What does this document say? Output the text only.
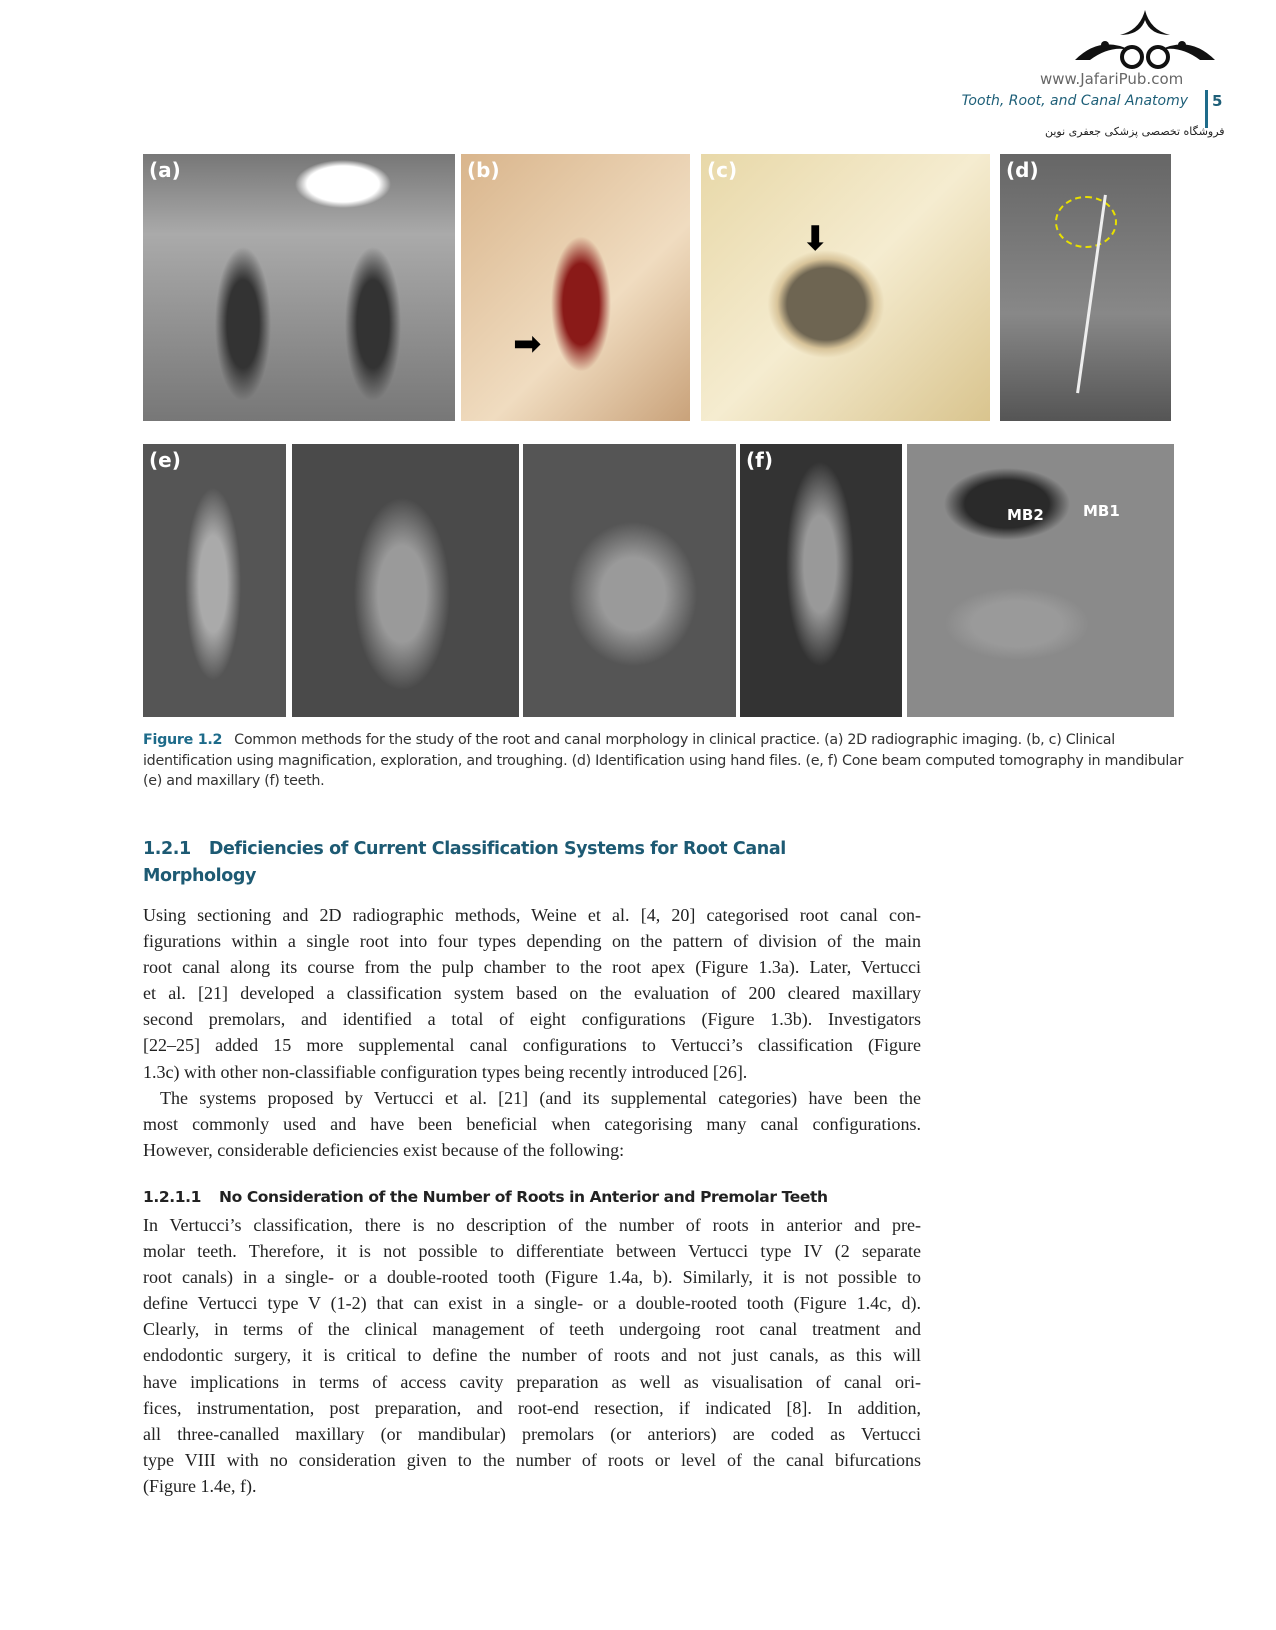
Tooth, Root, and Canal Anatomy
www.JafariPub.com
5
فروشگاه تخصصی پزشکی جعفری نوین
(a)	(b)
➡
(c)
⬇
(d)
(e)	(f)
MB2	MB1
Figure 1.2 Common methods for the study of the root and canal morphology in clinical practice. (a) 2D radiographic imaging. (b, c) Clinical identification using magnification, exploration, and troughing. (d) Identification using hand files. (e, f) Cone beam computed tomography in mandibular (e) and maxillary (f) teeth.
1.2.1 Deficiencies of Current Classification Systems for Root Canal Morphology
Using sectioning and 2D radiographic methods, Weine et al. [4, 20] categorised root canal con-
figurations within a single root into four types depending on the pattern of division of the main
root canal along its course from the pulp chamber to the root apex (Figure 1.3a). Later, Vertucci
et al. [21] developed a classification system based on the evaluation of 200 cleared maxillary
second premolars, and identified a total of eight configurations (Figure 1.3b). Investigators
[22–25] added 15 more supplemental canal configurations to Vertucci’s classification (Figure
1.3c) with other non-classifiable configuration types being recently introduced [26].
The systems proposed by Vertucci et al. [21] (and its supplemental categories) have been the
most commonly used and have been beneficial when categorising many canal configurations.
However, considerable deficiencies exist because of the following:
1.2.1.1 No Consideration of the Number of Roots in Anterior and Premolar Teeth
In Vertucci’s classification, there is no description of the number of roots in anterior and pre-
molar teeth. Therefore, it is not possible to differentiate between Vertucci type IV (2 separate
root canals) in a single- or a double-rooted tooth (Figure 1.4a, b). Similarly, it is not possible to
define Vertucci type V (1-2) that can exist in a single- or a double-rooted tooth (Figure 1.4c, d).
Clearly, in terms of the clinical management of teeth undergoing root canal treatment and
endodontic surgery, it is critical to define the number of roots and not just canals, as this will
have implications in terms of access cavity preparation as well as visualisation of canal ori-
fices, instrumentation, post preparation, and root-end resection, if indicated [8]. In addition,
all three-canalled maxillary (or mandibular) premolars (or anteriors) are coded as Vertucci
type VIII with no consideration given to the number of roots or level of the canal bifurcations
(Figure 1.4e, f).
